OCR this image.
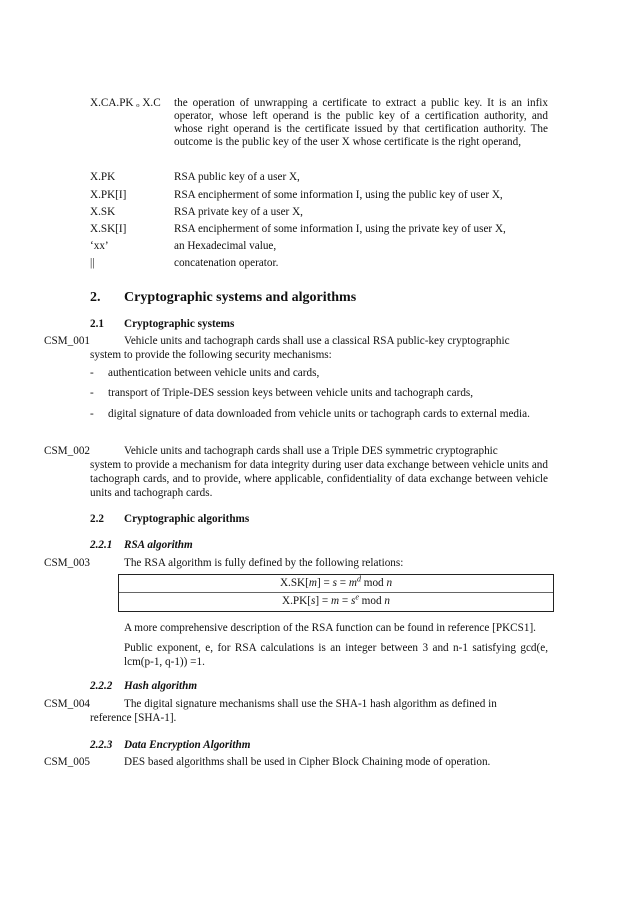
X.CA.PK ₒ X.C	the operation of unwrapping a certificate to extract a public key. It is an infix operator, whose left operand is the public key of a certification authority, and whose right operand is the certificate issued by that certification authority. The outcome is the public key of the user X whose certificate is the right operand,
X.PK	RSA public key of a user X,
X.PK[I]	RSA encipherment of some information I, using the public key of user X,
X.SK	RSA private key of a user X,
X.SK[I]	RSA encipherment of some information I, using the private key of user X,
‘xx’	an Hexadecimal value,
||	concatenation operator.
2. Cryptographic systems and algorithms
2.1 Cryptographic systems
CSM_001	Vehicle units and tachograph cards shall use a classical RSA public-key cryptographic
system to provide the following security mechanisms:
-	authentication between vehicle units and cards,
-	transport of Triple-DES session keys between vehicle units and tachograph cards,
-	digital signature of data downloaded from vehicle units or tachograph cards to external media.
CSM_002	Vehicle units and tachograph cards shall use a Triple DES symmetric cryptographic
system to provide a mechanism for data integrity during user data exchange between vehicle units and tachograph cards, and to provide, where applicable, confidentiality of data exchange between vehicle units and tachograph cards.
2.2 Cryptographic algorithms
2.2.1 RSA algorithm
CSM_003	The RSA algorithm is fully defined by the following relations:
$X.SK[m] = s = m^d$ mod n
$X.PK[s] = m = s^e$ mod n
A more comprehensive description of the RSA function can be found in reference [PKCS1].
Public exponent, e, for RSA calculations is an integer between 3 and n-1 satisfying gcd(e, lcm(p-1, q-1)) =1.
2.2.2 Hash algorithm
CSM_004	The digital signature mechanisms shall use the SHA-1 hash algorithm as defined in
reference [SHA-1].
2.2.3 Data Encryption Algorithm
CSM_005	DES based algorithms shall be used in Cipher Block Chaining mode of operation.
